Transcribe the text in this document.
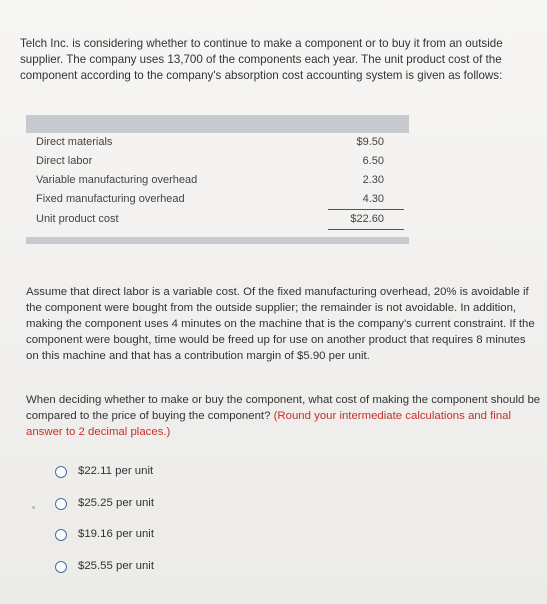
Telch Inc. is considering whether to continue to make a component or to buy it from an outside supplier. The company uses 13,700 of the components each year. The unit product cost of the component according to the company's absorption cost accounting system is given as follows:
Direct materials	$9.50
Direct labor	6.50
Variable manufacturing overhead	2.30
Fixed manufacturing overhead	4.30
Unit product cost	$22.60
Assume that direct labor is a variable cost. Of the fixed manufacturing overhead, 20% is avoidable if the component were bought from the outside supplier; the remainder is not avoidable. In addition, making the component uses 4 minutes on the machine that is the company's current constraint. If the component were bought, time would be freed up for use on another product that requires 8 minutes on this machine and that has a contribution margin of $5.90 per unit.
When deciding whether to make or buy the component, what cost of making the component should be compared to the price of buying the component? (Round your intermediate calculations and final answer to 2 decimal places.)
$22.11 per unit
$25.25 per unit
$19.16 per unit
$25.55 per unit
